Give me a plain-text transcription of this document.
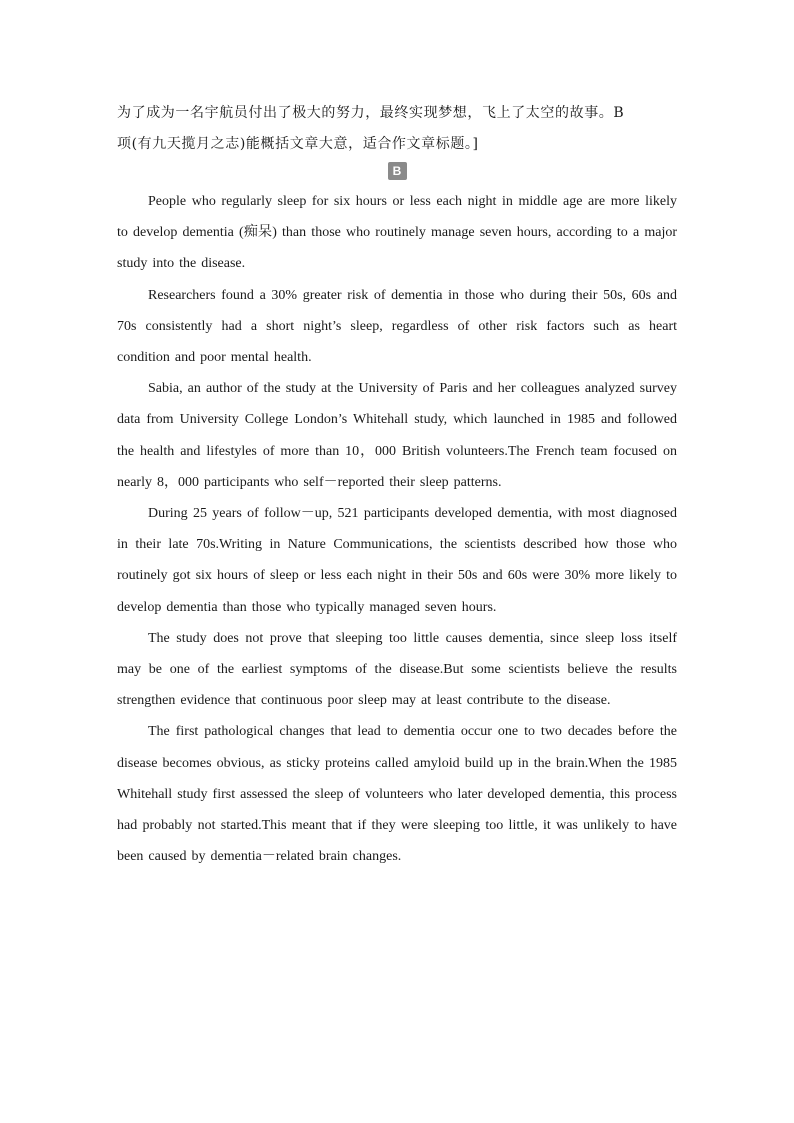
为了成为一名宇航员付出了极大的努力，最终实现梦想，飞上了太空的故事。B
项(有九天揽月之志)能概括文章大意，适合作文章标题。]
B

People who regularly sleep for six hours or less each night in middle age are more likely to develop dementia (痴呆) than those who routinely manage seven hours, according to a major study into the disease.

Researchers found a 30% greater risk of dementia in those who during their 50s, 60s and 70s consistently had a short night’s sleep, regardless of other risk factors such as heart condition and poor mental health.

Sabia, an author of the study at the University of Paris and her colleagues analyzed survey data from University College London’s Whitehall study, which launched in 1985 and followed the health and lifestyles of more than 10，000 British volunteers.The French team focused on nearly 8，000 participants who self－reported their sleep patterns.

During 25 years of follow－up, 521 participants developed dementia, with most diagnosed in their late 70s.Writing in Nature Communications, the scientists described how those who routinely got six hours of sleep or less each night in their 50s and 60s were 30% more likely to develop dementia than those who typically managed seven hours.

The study does not prove that sleeping too little causes dementia, since sleep loss itself may be one of the earliest symptoms of the disease.But some scientists believe the results strengthen evidence that continuous poor sleep may at least contribute to the disease.

The first pathological changes that lead to dementia occur one to two decades before the disease becomes obvious, as sticky proteins called amyloid build up in the brain.When the 1985 Whitehall study first assessed the sleep of volunteers who later developed dementia, this process had probably not started.This meant that if they were sleeping too little, it was unlikely to have been caused by dementia－related brain changes.
